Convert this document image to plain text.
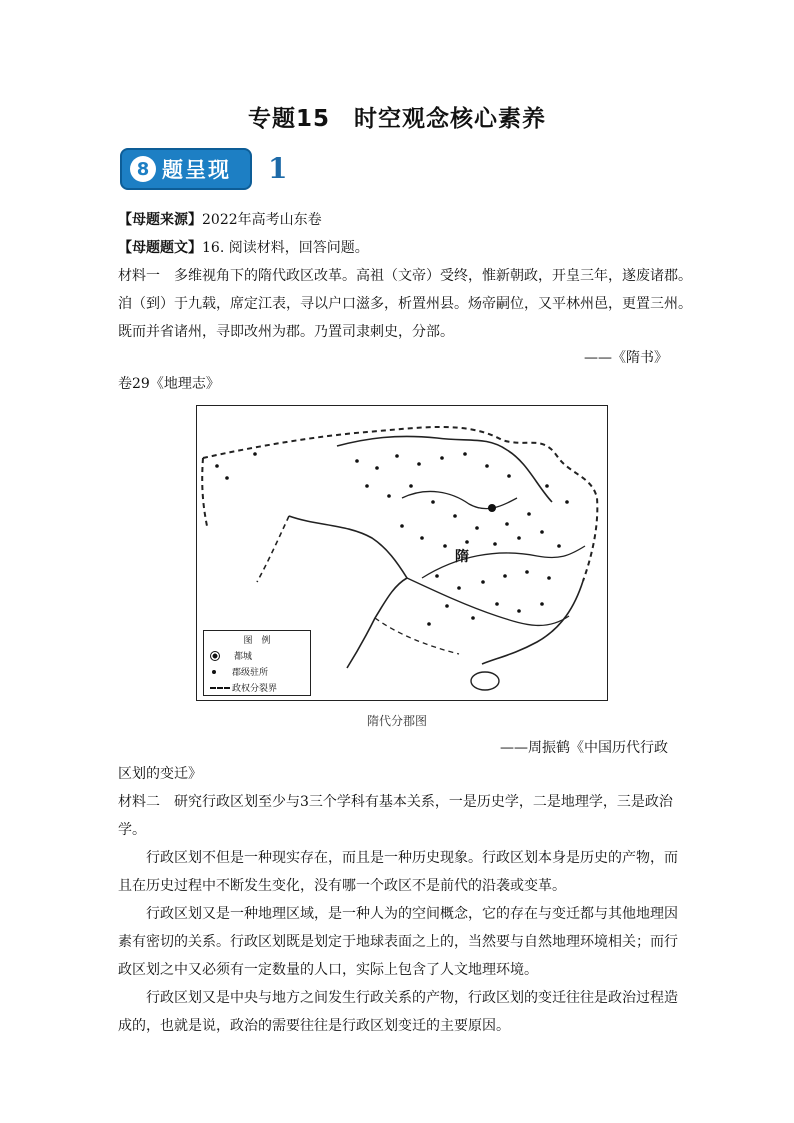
专题15　时空观念核心素养
8 题呈现 1
【母题来源】2022年高考山东卷
【母题题文】16. 阅读材料，回答问题。
材料一　多维视角下的隋代政区改革。高祖（文帝）受终，惟新朝政，开皇三年，遂废诸郡。
洎（到）于九载，席定江表，寻以户口滋多，析置州县。炀帝嗣位，又平林州邑，更置三州。
既而并省诸州，寻即改州为郡。乃置司隶刺史，分部。
——《隋书》
卷29《地理志》
隋
图　例
都城
郡级驻所
政权分裂界
隋代分郡图
——周振鹤《中国历代行政
区划的变迁》
材料二　研究行政区划至少与3三个学科有基本关系，一是历史学，二是地理学，三是政治
学。
　　行政区划不但是一种现实存在，而且是一种历史现象。行政区划本身是历史的产物，而
且在历史过程中不断发生变化，没有哪一个政区不是前代的沿袭或变革。
　　行政区划又是一种地理区域，是一种人为的空间概念，它的存在与变迁都与其他地理因
素有密切的关系。行政区划既是划定于地球表面之上的，当然要与自然地理环境相关；而行
政区划之中又必须有一定数量的人口，实际上包含了人文地理环境。
　　行政区划又是中央与地方之间发生行政关系的产物，行政区划的变迁往往是政治过程造
成的，也就是说，政治的需要往往是行政区划变迁的主要原因。
